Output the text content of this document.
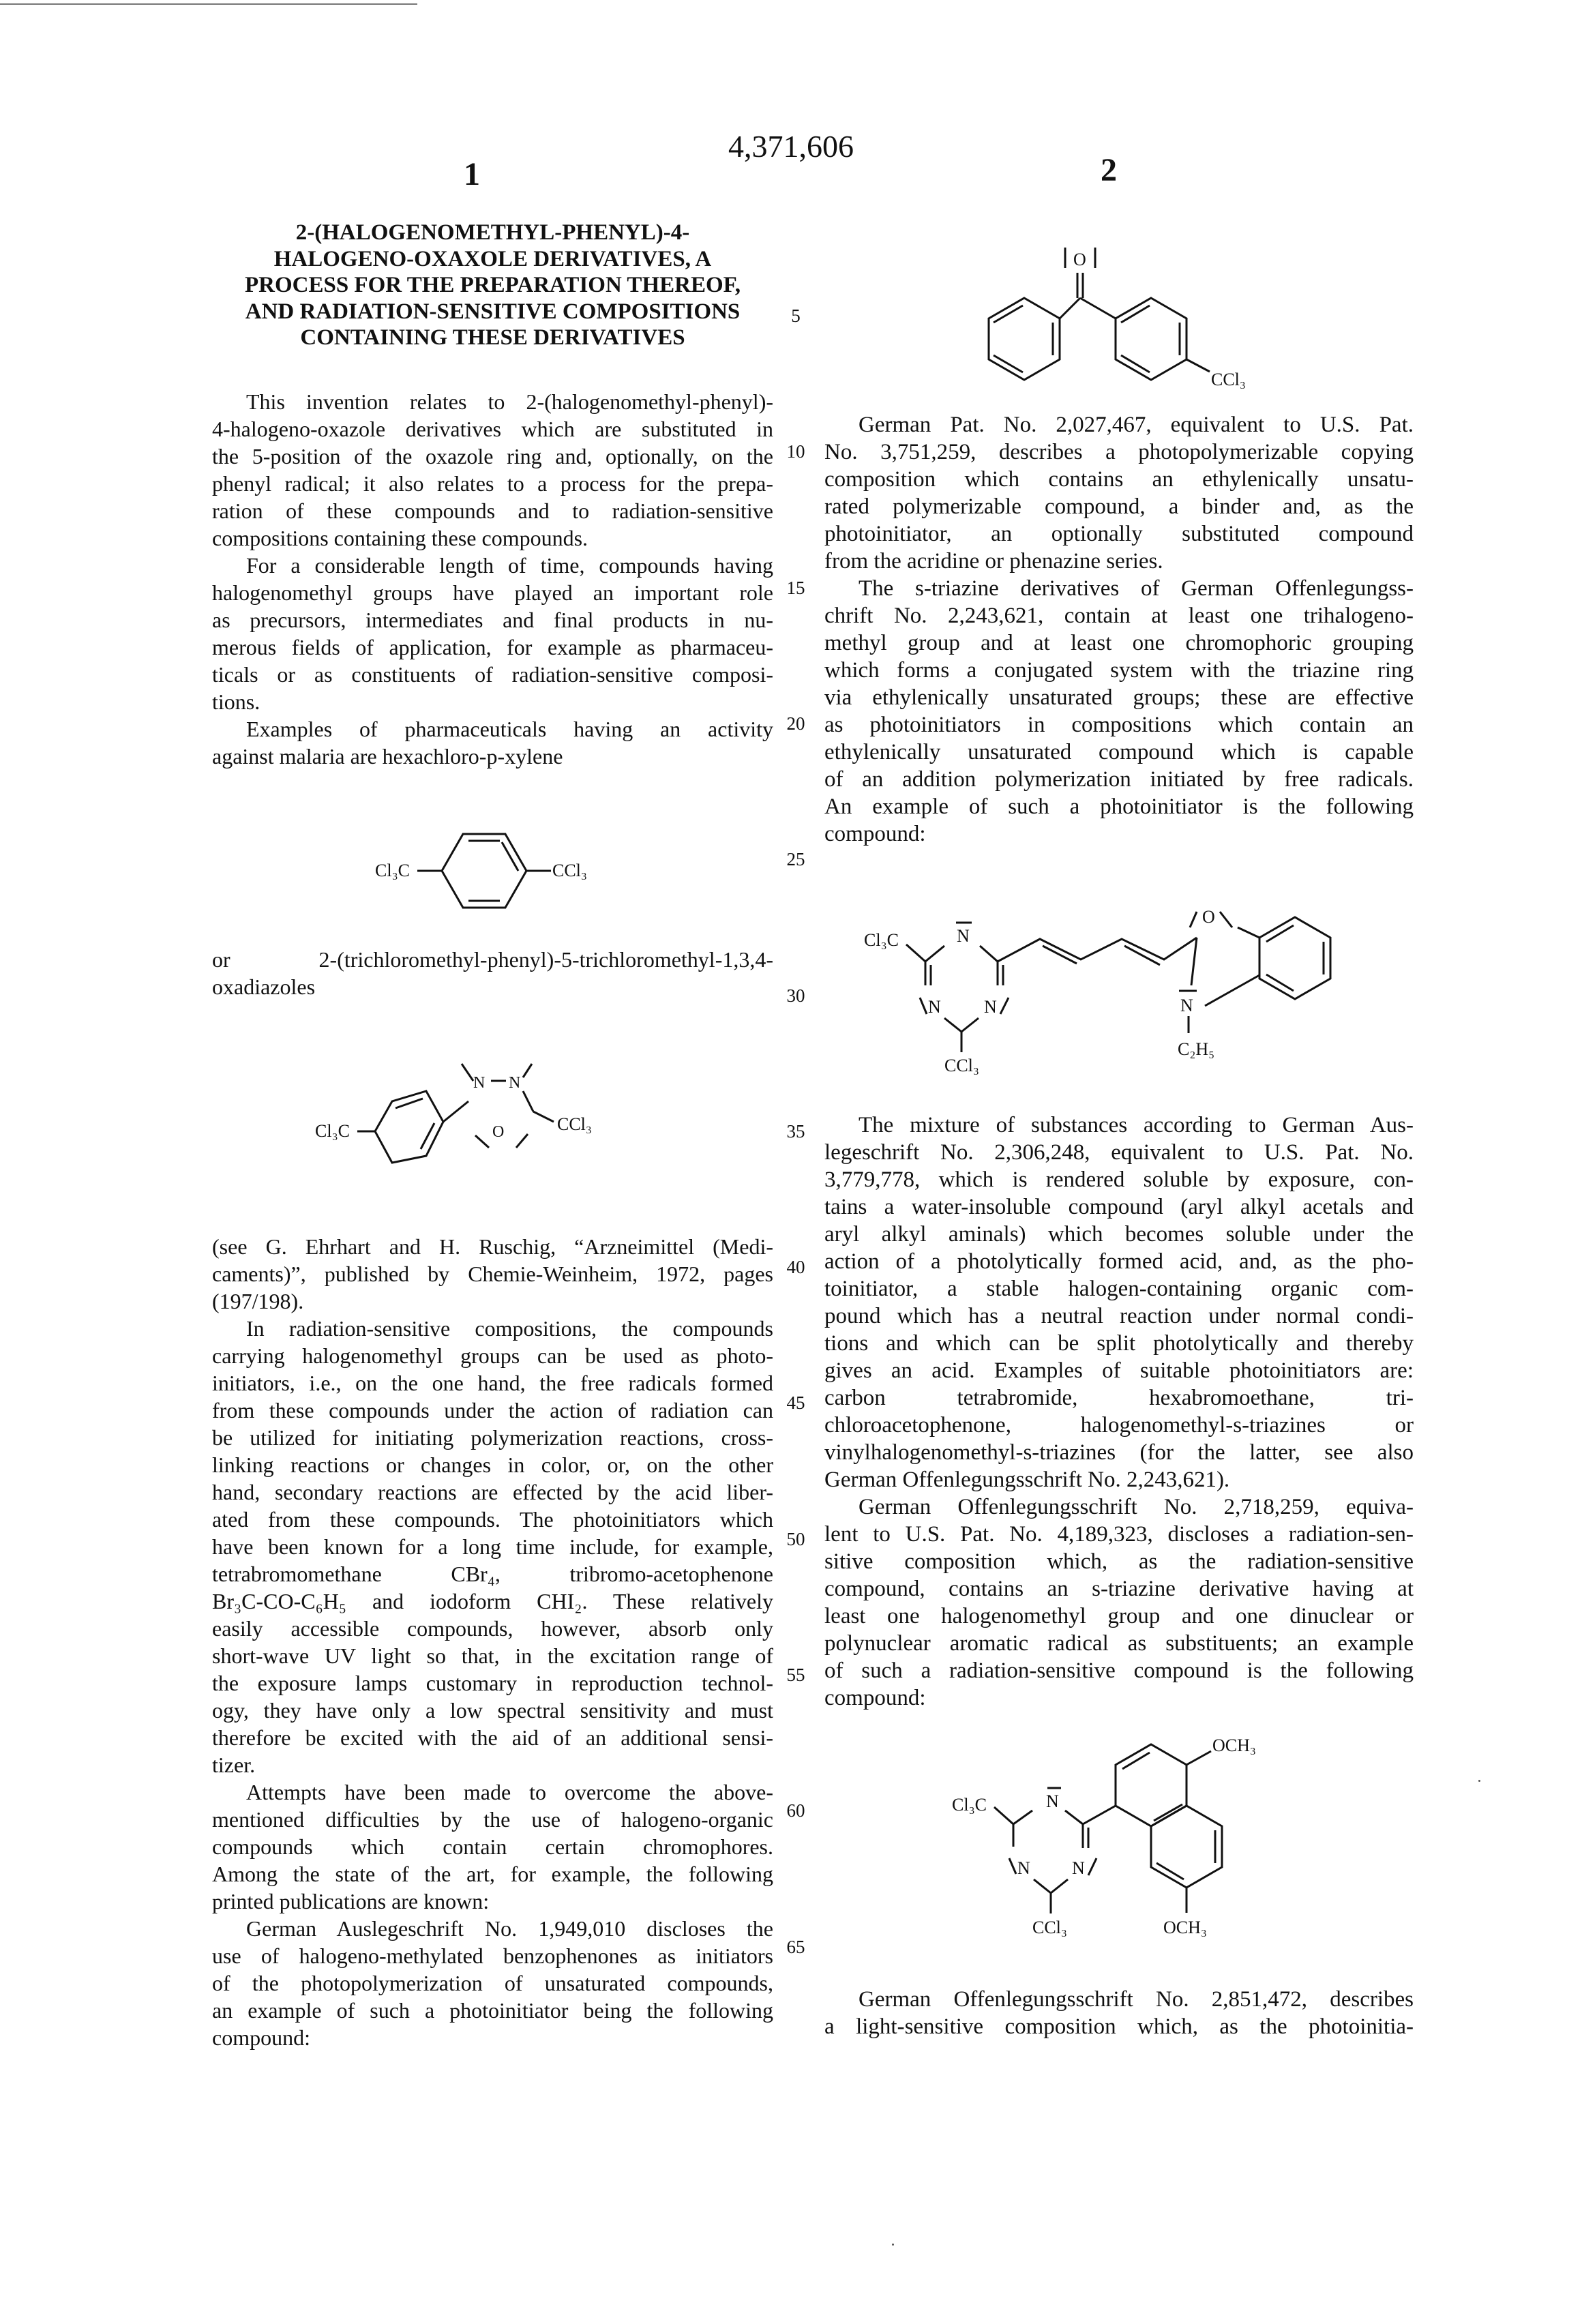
4,371,606
1	2
2-(HALOGENOMETHYL-PHENYL)-4-
HALOGENO-OXAXOLE DERIVATIVES, A
PROCESS FOR THE PREPARATION THEREOF,
AND RADIATION-SENSITIVE COMPOSITIONS
CONTAINING THESE DERIVATIVES
5
10
15
20
25
30
35
40
45
50
55
60
65
This invention relates to 2-(halogenomethyl-phenyl)-
4-halogeno-oxazole derivatives which are substituted in
the 5-position of the oxazole ring and, optionally, on the
phenyl radical; it also relates to a process for the prepa-
ration of these compounds and to radiation-sensitive
compositions containing these compounds.
For a considerable length of time, compounds having
halogenomethyl groups have played an important role
as precursors, intermediates and final products in nu-
merous fields of application, for example as pharmaceu-
ticals or as constituents of radiation-sensitive composi-
tions.
Examples of pharmaceuticals having an activity
against malaria are hexachloro-p-xylene
or 2-(trichloromethyl-phenyl)-5-trichloromethyl-1,3,4-
oxadiazoles
(see G. Ehrhart and H. Ruschig, “Arzneimittel (Medi-
caments)”, published by Chemie-Weinheim, 1972, pages
(197/198).
In radiation-sensitive compositions, the compounds
carrying halogenomethyl groups can be used as photo-
initiators, i.e., on the one hand, the free radicals formed
from these compounds under the action of radiation can
be utilized for initiating polymerization reactions, cross-
linking reactions or changes in color, or, on the other
hand, secondary reactions are effected by the acid liber-
ated from these compounds. The photoinitiators which
have been known for a long time include, for example,
tetrabromomethane CBr₄, tribromo-acetophenone
Br₃C-CO-C₆H₅ and iodoform CHI₂. These relatively
easily accessible compounds, however, absorb only
short-wave UV light so that, in the excitation range of
the exposure lamps customary in reproduction technol-
ogy, they have only a low spectral sensitivity and must
therefore be excited with the aid of an additional sensi-
tizer.
Attempts have been made to overcome the above-
mentioned difficulties by the use of halogeno-organic
compounds which contain certain chromophores.
Among the state of the art, for example, the following
printed publications are known:
German Auslegeschrift No. 1,949,010 discloses the
use of halogeno-methylated benzophenones as initiators
of the photopolymerization of unsaturated compounds,
an example of such a photoinitiator being the following
compound:
German Pat. No. 2,027,467, equivalent to U.S. Pat.
No. 3,751,259, describes a photopolymerizable copying
composition which contains an ethylenically unsatu-
rated polymerizable compound, a binder and, as the
photoinitiator, an optionally substituted compound
from the acridine or phenazine series.
The s-triazine derivatives of German Offenlegungss-
chrift No. 2,243,621, contain at least one trihalogeno-
methyl group and at least one chromophoric grouping
which forms a conjugated system with the triazine ring
via ethylenically unsaturated groups; these are effective
as photoinitiators in compositions which contain an
ethylenically unsaturated compound which is capable
of an addition polymerization initiated by free radicals.
An example of such a photoinitiator is the following
compound:
The mixture of substances according to German Aus-
legeschrift No. 2,306,248, equivalent to U.S. Pat. No.
3,779,778, which is rendered soluble by exposure, con-
tains a water-insoluble compound (aryl alkyl acetals and
aryl alkyl aminals) which becomes soluble under the
action of a photolytically formed acid, and, as the pho-
toinitiator, a stable halogen-containing organic com-
pound which has a neutral reaction under normal condi-
tions and which can be split photolytically and thereby
gives an acid. Examples of suitable photoinitiators are:
carbon tetrabromide, hexabromoethane, tri-
chloroacetophenone, halogenomethyl-s-triazines or
vinylhalogenomethyl-s-triazines (for the latter, see also
German Offenlegungsschrift No. 2,243,621).
German Offenlegungsschrift No. 2,718,259, equiva-
lent to U.S. Pat. No. 4,189,323, discloses a radiation-sen-
sitive composition which, as the radiation-sensitive
compound, contains an s-triazine derivative having at
least one halogenomethyl group and one dinuclear or
polynuclear aromatic radical as substituents; an example
of such a radiation-sensitive compound is the following
compound:
German Offenlegungsschrift No. 2,851,472, describes
a light-sensitive composition which, as the photoinitia-
Cl₃C	CCl₃
Cl₃C
N N
O	CCl₃
O
CCl₃
Cl₃C	N
N N
CCl₃
O
N
C₂H₅
Cl₃C	N
N N
CCl₃
OCH₃
OCH₃
